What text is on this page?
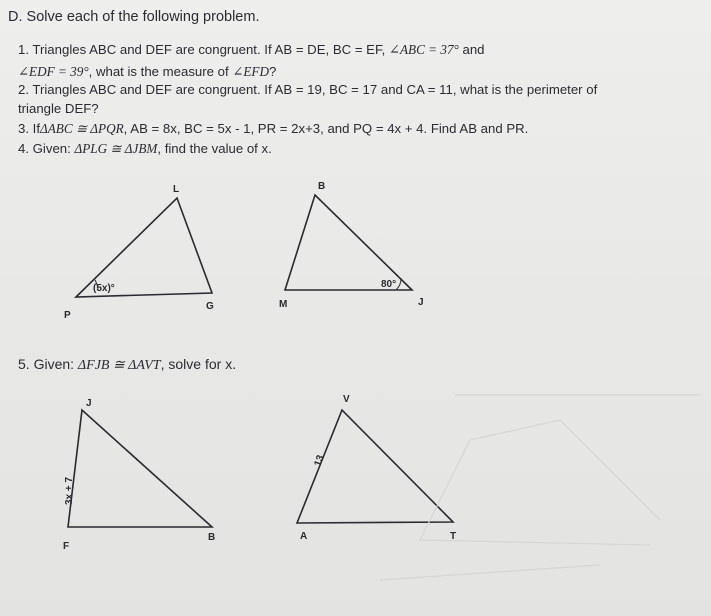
D. Solve each of the following problem.
1. Triangles ABC and DEF are congruent. If AB = DE, BC = EF, ∠ABC = 37° and
∠EDF = 39°, what is the measure of ∠EFD?
2. Triangles ABC and DEF are congruent. If AB = 19, BC = 17 and CA = 11, what is the perimeter of
triangle DEF?
3. IfΔABC ≅ ΔPQR, AB = 8x, BC = 5x - 1, PR = 2x+3, and PQ = 4x + 4. Find AB and PR.
4. Given: ΔPLG ≅ ΔJBM, find the value of x.
5. Given: ΔFJB ≅ ΔAVT, solve for x.
L
P
G
(5x)°
B
M	J
80°
J
F
B
3x + 7
V
A	T
13
